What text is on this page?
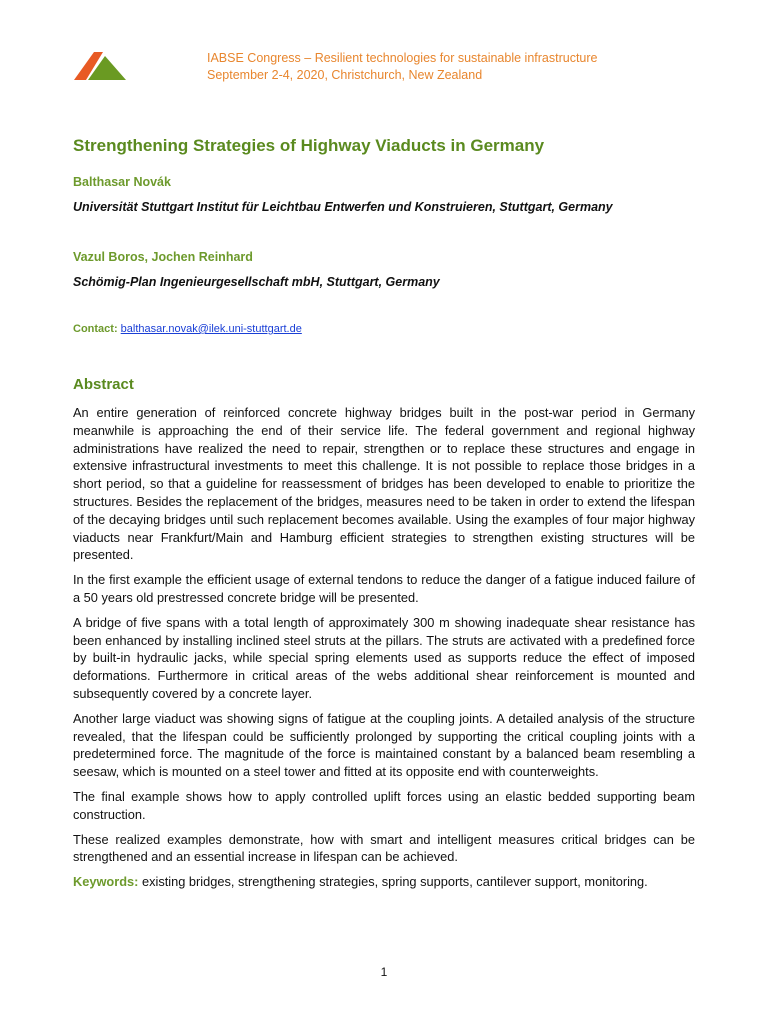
IABSE Congress – Resilient technologies for sustainable infrastructure
September 2-4, 2020, Christchurch, New Zealand
Strengthening Strategies of Highway Viaducts in Germany
Balthasar Novák
Universität Stuttgart Institut für Leichtbau Entwerfen und Konstruieren, Stuttgart, Germany
Vazul Boros, Jochen Reinhard
Schömig-Plan Ingenieurgesellschaft mbH, Stuttgart, Germany
Contact: balthasar.novak@ilek.uni-stuttgart.de
Abstract

An entire generation of reinforced concrete highway bridges built in the post-war period in Germany meanwhile is approaching the end of their service life. The federal government and regional highway administrations have realized the need to repair, strengthen or to replace these structures and engage in extensive infrastructural investments to meet this challenge. It is not possible to replace those bridges in a short period, so that a guideline for reassessment of bridges has been developed to enable to prioritize the structures. Besides the replacement of the bridges, measures need to be taken in order to extend the lifespan of the decaying bridges until such replacement becomes available. Using the examples of four major highway viaducts near Frankfurt/Main and Hamburg efficient strategies to strengthen existing structures will be presented.

In the first example the efficient usage of external tendons to reduce the danger of a fatigue induced failure of a 50 years old prestressed concrete bridge will be presented.

A bridge of five spans with a total length of approximately 300 m showing inadequate shear resistance has been enhanced by installing inclined steel struts at the pillars. The struts are activated with a predefined force by built-in hydraulic jacks, while special spring elements used as supports reduce the effect of imposed deformations. Furthermore in critical areas of the webs additional shear reinforcement is mounted and subsequently covered by a concrete layer.

Another large viaduct was showing signs of fatigue at the coupling joints. A detailed analysis of the structure revealed, that the lifespan could be sufficiently prolonged by supporting the critical coupling joints with a predetermined force. The magnitude of the force is maintained constant by a balanced beam resembling a seesaw, which is mounted on a steel tower and fitted at its opposite end with counterweights.

The final example shows how to apply controlled uplift forces using an elastic bedded supporting beam construction.

These realized examples demonstrate, how with smart and intelligent measures critical bridges can be strengthened and an essential increase in lifespan can be achieved.

Keywords: existing bridges, strengthening strategies, spring supports, cantilever support, monitoring.

1
